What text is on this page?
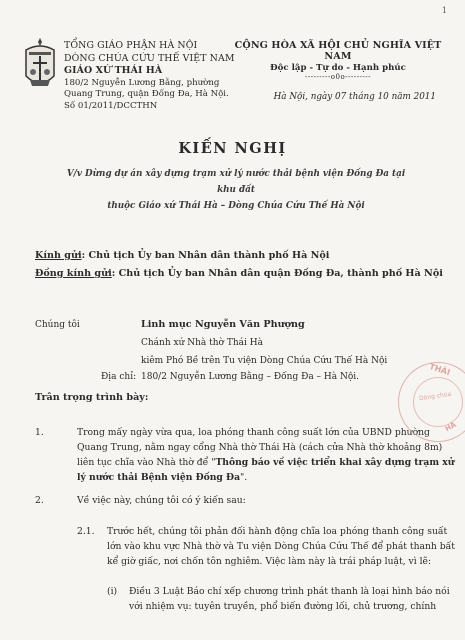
1
TỔNG GIÁO PHẬN HÀ NỘI
DÒNG CHÚA CỨU THẾ VIỆT NAM
GIÁO XỨ THÁI HÀ
180/2 Nguyễn Lương Bằng, phường
Quang Trung, quận Đống Đa, Hà Nội.
Số 01/2011/DCCTHN
CỘNG HÒA XÃ HỘI CHỦ NGHĨA VIỆT NAM
Độc lập - Tự do - Hạnh phúc
---------o0o---------
Hà Nội, ngày 07 tháng 10 năm 2011
KIẾN NGHỊ
V/v Dừng dự án xây dựng trạm xử lý nước thải bệnh viện Đống Đa tại khu đất
thuộc Giáo xứ Thái Hà – Dòng Chúa Cứu Thế Hà Nội
Kính gửi: Chủ tịch Ủy ban Nhân dân thành phố Hà Nội
Đồng kính gửi: Chủ tịch Ủy ban Nhân dân quận Đống Đa, thành phố Hà Nội
Chúng tôi	Linh mục Nguyễn Văn Phượng
Chánh xứ Nhà thờ Thái Hà
kiêm Phó Bề trên Tu viện Dòng Chúa Cứu Thế Hà Nội
Địa chỉ: 180/2 Nguyễn Lương Bằng – Đống Đa – Hà Nội.
Trân trọng trình bày:
1.	Trong mấy ngày vừa qua, loa phóng thanh công suất lớn của UBND phường
Quang Trung, nằm ngay cổng Nhà thờ Thái Hà (cách cửa Nhà thờ khoảng 8m)
liên tục chĩa vào Nhà thờ để "Thông báo về việc triển khai xây dựng trạm xử
lý nước thải Bệnh viện Đống Đa".
2.	Về việc này, chúng tôi có ý kiến sau:
2.1. Trước hết, chúng tôi phản đối hành động chĩa loa phóng thanh công suất
lớn vào khu vực Nhà thờ và Tu viện Dòng Chúa Cứu Thế để phát thanh bất
kể giờ giấc, nơi chốn tôn nghiêm. Việc làm này là trái pháp luật, vì lẽ:
(i) Điều 3 Luật Báo chí xếp chương trình phát thanh là loại hình báo nói
với nhiệm vụ: tuyên truyền, phổ biến đường lối, chủ trương, chính
THÁI
Dòng chúa
HÀ
